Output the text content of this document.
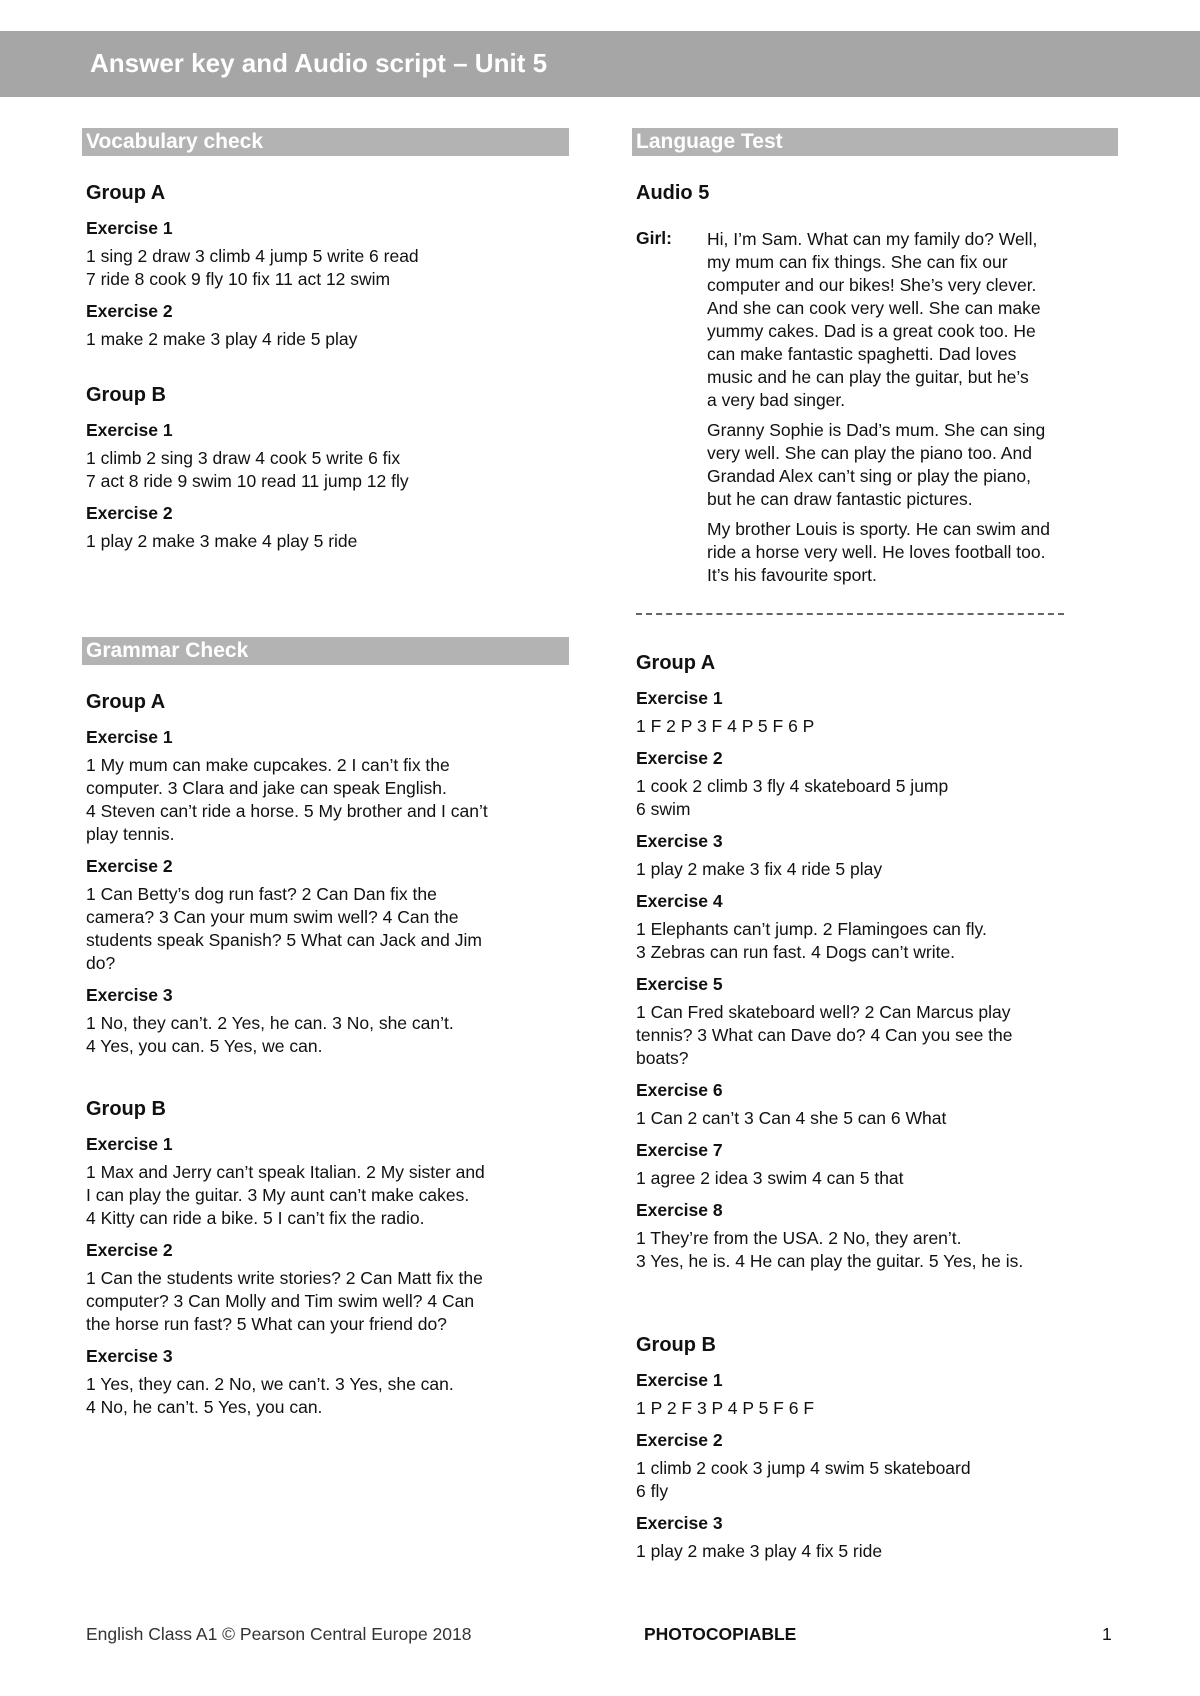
Answer key and Audio script – Unit 5
Vocabulary check
Group A
Exercise 1

1 sing 2 draw 3 climb 4 jump 5 write 6 read

7 ride 8 cook 9 fly 10 fix 11 act 12 swim

Exercise 2

1 make 2 make 3 play 4 ride 5 play

Group B
Exercise 1

1 climb 2 sing 3 draw 4 cook 5 write 6 fix

7 act 8 ride 9 swim 10 read 11 jump 12 fly

Exercise 2

1 play 2 make 3 make 4 play 5 ride

Grammar Check
Group A
Exercise 1

1 My mum can make cupcakes. 2 I can’t fix the

computer. 3 Clara and jake can speak English.

4 Steven can’t ride a horse. 5 My brother and I can’t

play tennis.

Exercise 2

1 Can Betty’s dog run fast? 2 Can Dan fix the

camera? 3 Can your mum swim well? 4 Can the

students speak Spanish? 5 What can Jack and Jim

do?

Exercise 3

1 No, they can’t. 2 Yes, he can. 3 No, she can’t.

4 Yes, you can. 5 Yes, we can.

Group B
Exercise 1

1 Max and Jerry can’t speak Italian. 2 My sister and

I can play the guitar. 3 My aunt can’t make cakes.

4 Kitty can ride a bike. 5 I can’t fix the radio.

Exercise 2

1 Can the students write stories? 2 Can Matt fix the

computer? 3 Can Molly and Tim swim well? 4 Can

the horse run fast? 5 What can your friend do?

Exercise 3

1 Yes, they can. 2 No, we can’t. 3 Yes, she can.

4 No, he can’t. 5 Yes, you can.

Language Test
Audio 5
Girl: Hi, I’m Sam. What can my family do? Well,
my mum can fix things. She can fix our
computer and our bikes! She’s very clever.
And she can cook very well. She can make
yummy cakes. Dad is a great cook too. He
can make fantastic spaghetti. Dad loves
music and he can play the guitar, but he’s
a very bad singer.

Granny Sophie is Dad’s mum. She can sing
very well. She can play the piano too. And
Grandad Alex can’t sing or play the piano,
but he can draw fantastic pictures.

My brother Louis is sporty. He can swim and
ride a horse very well. He loves football too.
It’s his favourite sport.

Group A
Exercise 1

1 F 2 P 3 F 4 P 5 F 6 P

Exercise 2

1 cook 2 climb 3 fly 4 skateboard 5 jump

6 swim

Exercise 3

1 play 2 make 3 fix 4 ride 5 play

Exercise 4

1 Elephants can’t jump. 2 Flamingoes can fly.

3 Zebras can run fast. 4 Dogs can’t write.

Exercise 5

1 Can Fred skateboard well? 2 Can Marcus play

tennis? 3 What can Dave do? 4 Can you see the

boats?

Exercise 6

1 Can 2 can’t 3 Can 4 she 5 can 6 What

Exercise 7

1 agree 2 idea 3 swim 4 can 5 that

Exercise 8

1 They’re from the USA. 2 No, they aren’t.

3 Yes, he is. 4 He can play the guitar. 5 Yes, he is.

Group B
Exercise 1

1 P 2 F 3 P 4 P 5 F 6 F

Exercise 2

1 climb 2 cook 3 jump 4 swim 5 skateboard

6 fly

Exercise 3

1 play 2 make 3 play 4 fix 5 ride

English Class A1 © Pearson Central Europe 2018	PHOTOCOPIABLE	1
